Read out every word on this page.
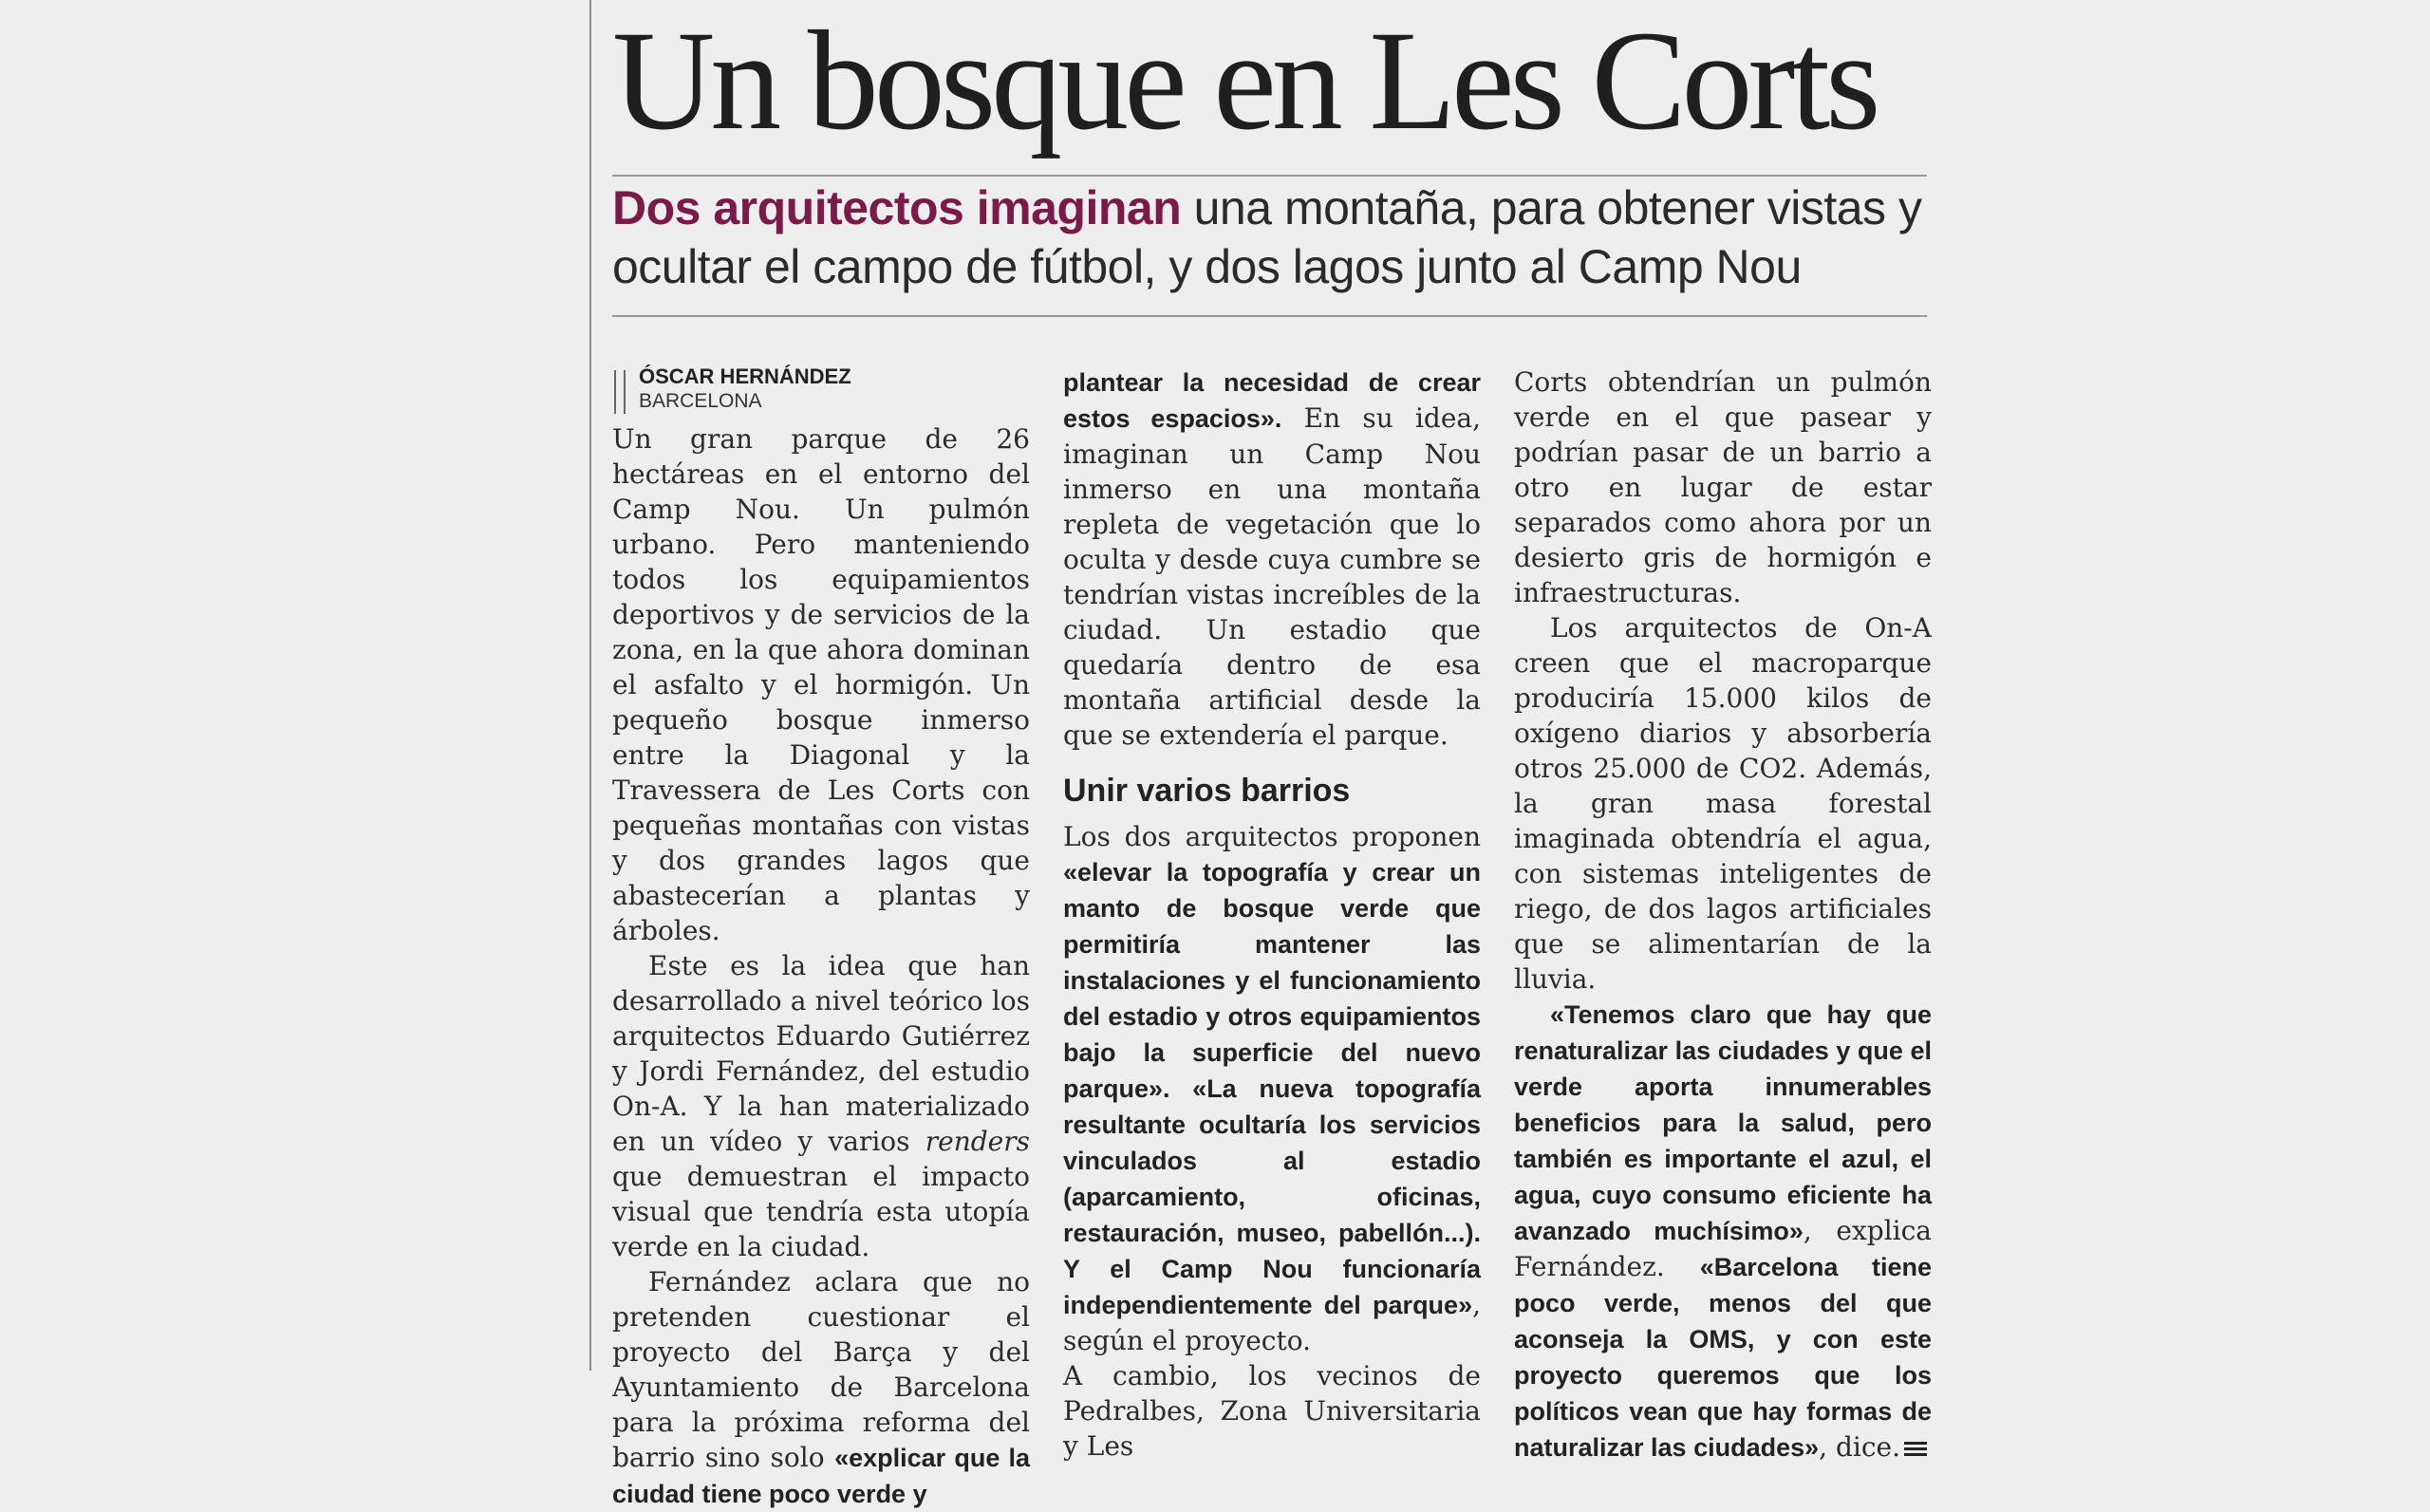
Un bosque en Les Corts
Dos arquitectos imaginan una montaña, para obtener vistas y ocultar el campo de fútbol, y dos lagos junto al Camp Nou
ÓSCAR HERNÁNDEZ
BARCELONA

Un gran parque de 26 hectáreas en el entorno del Camp Nou. Un pulmón urbano. Pero manteniendo todos los equipamientos deportivos y de servicios de la zona, en la que ahora dominan el asfalto y el hormigón. Un pequeño bosque inmerso entre la Diagonal y la Travessera de Les Corts con pequeñas montañas con vistas y dos grandes lagos que abastecerían a plantas y árboles.

Este es la idea que han desarrollado a nivel teórico los arquitectos Eduardo Gutiérrez y Jordi Fernández, del estudio On-A. Y la han materializado en un vídeo y varios renders que demuestran el impacto visual que tendría esta utopía verde en la ciudad.

Fernández aclara que no pretenden cuestionar el proyecto del Barça y del Ayuntamiento de Barcelona para la próxima reforma del barrio sino solo «explicar que la ciudad tiene poco verde y

plantear la necesidad de crear estos espacios». En su idea, imaginan un Camp Nou inmerso en una montaña repleta de vegetación que lo oculta y desde cuya cumbre se tendrían vistas increíbles de la ciudad. Un estadio que quedaría dentro de esa montaña artificial desde la que se extendería el parque.

Unir varios barrios

Los dos arquitectos proponen «elevar la topografía y crear un manto de bosque verde que permitiría mantener las instalaciones y el funcionamiento del estadio y otros equipamientos bajo la superficie del nuevo parque». «La nueva topografía resultante ocultaría los servicios vinculados al estadio (aparcamiento, oficinas, restauración, museo, pabellón...). Y el Camp Nou funcionaría independientemente del parque», según el proyecto.

A cambio, los vecinos de Pedralbes, Zona Universitaria y Les

Corts obtendrían un pulmón verde en el que pasear y podrían pasar de un barrio a otro en lugar de estar separados como ahora por un desierto gris de hormigón e infraestructuras.

Los arquitectos de On-A creen que el macroparque produciría 15.000 kilos de oxígeno diarios y absorbería otros 25.000 de CO2. Además, la gran masa forestal imaginada obtendría el agua, con sistemas inteligentes de riego, de dos lagos artificiales que se alimentarían de la lluvia.

«Tenemos claro que hay que renaturalizar las ciudades y que el verde aporta innumerables beneficios para la salud, pero también es importante el azul, el agua, cuyo consumo eficiente ha avanzado muchísimo», explica Fernández. «Barcelona tiene poco verde, menos del que aconseja la OMS, y con este proyecto queremos que los políticos vean que hay formas de naturalizar las ciudades», dice.
